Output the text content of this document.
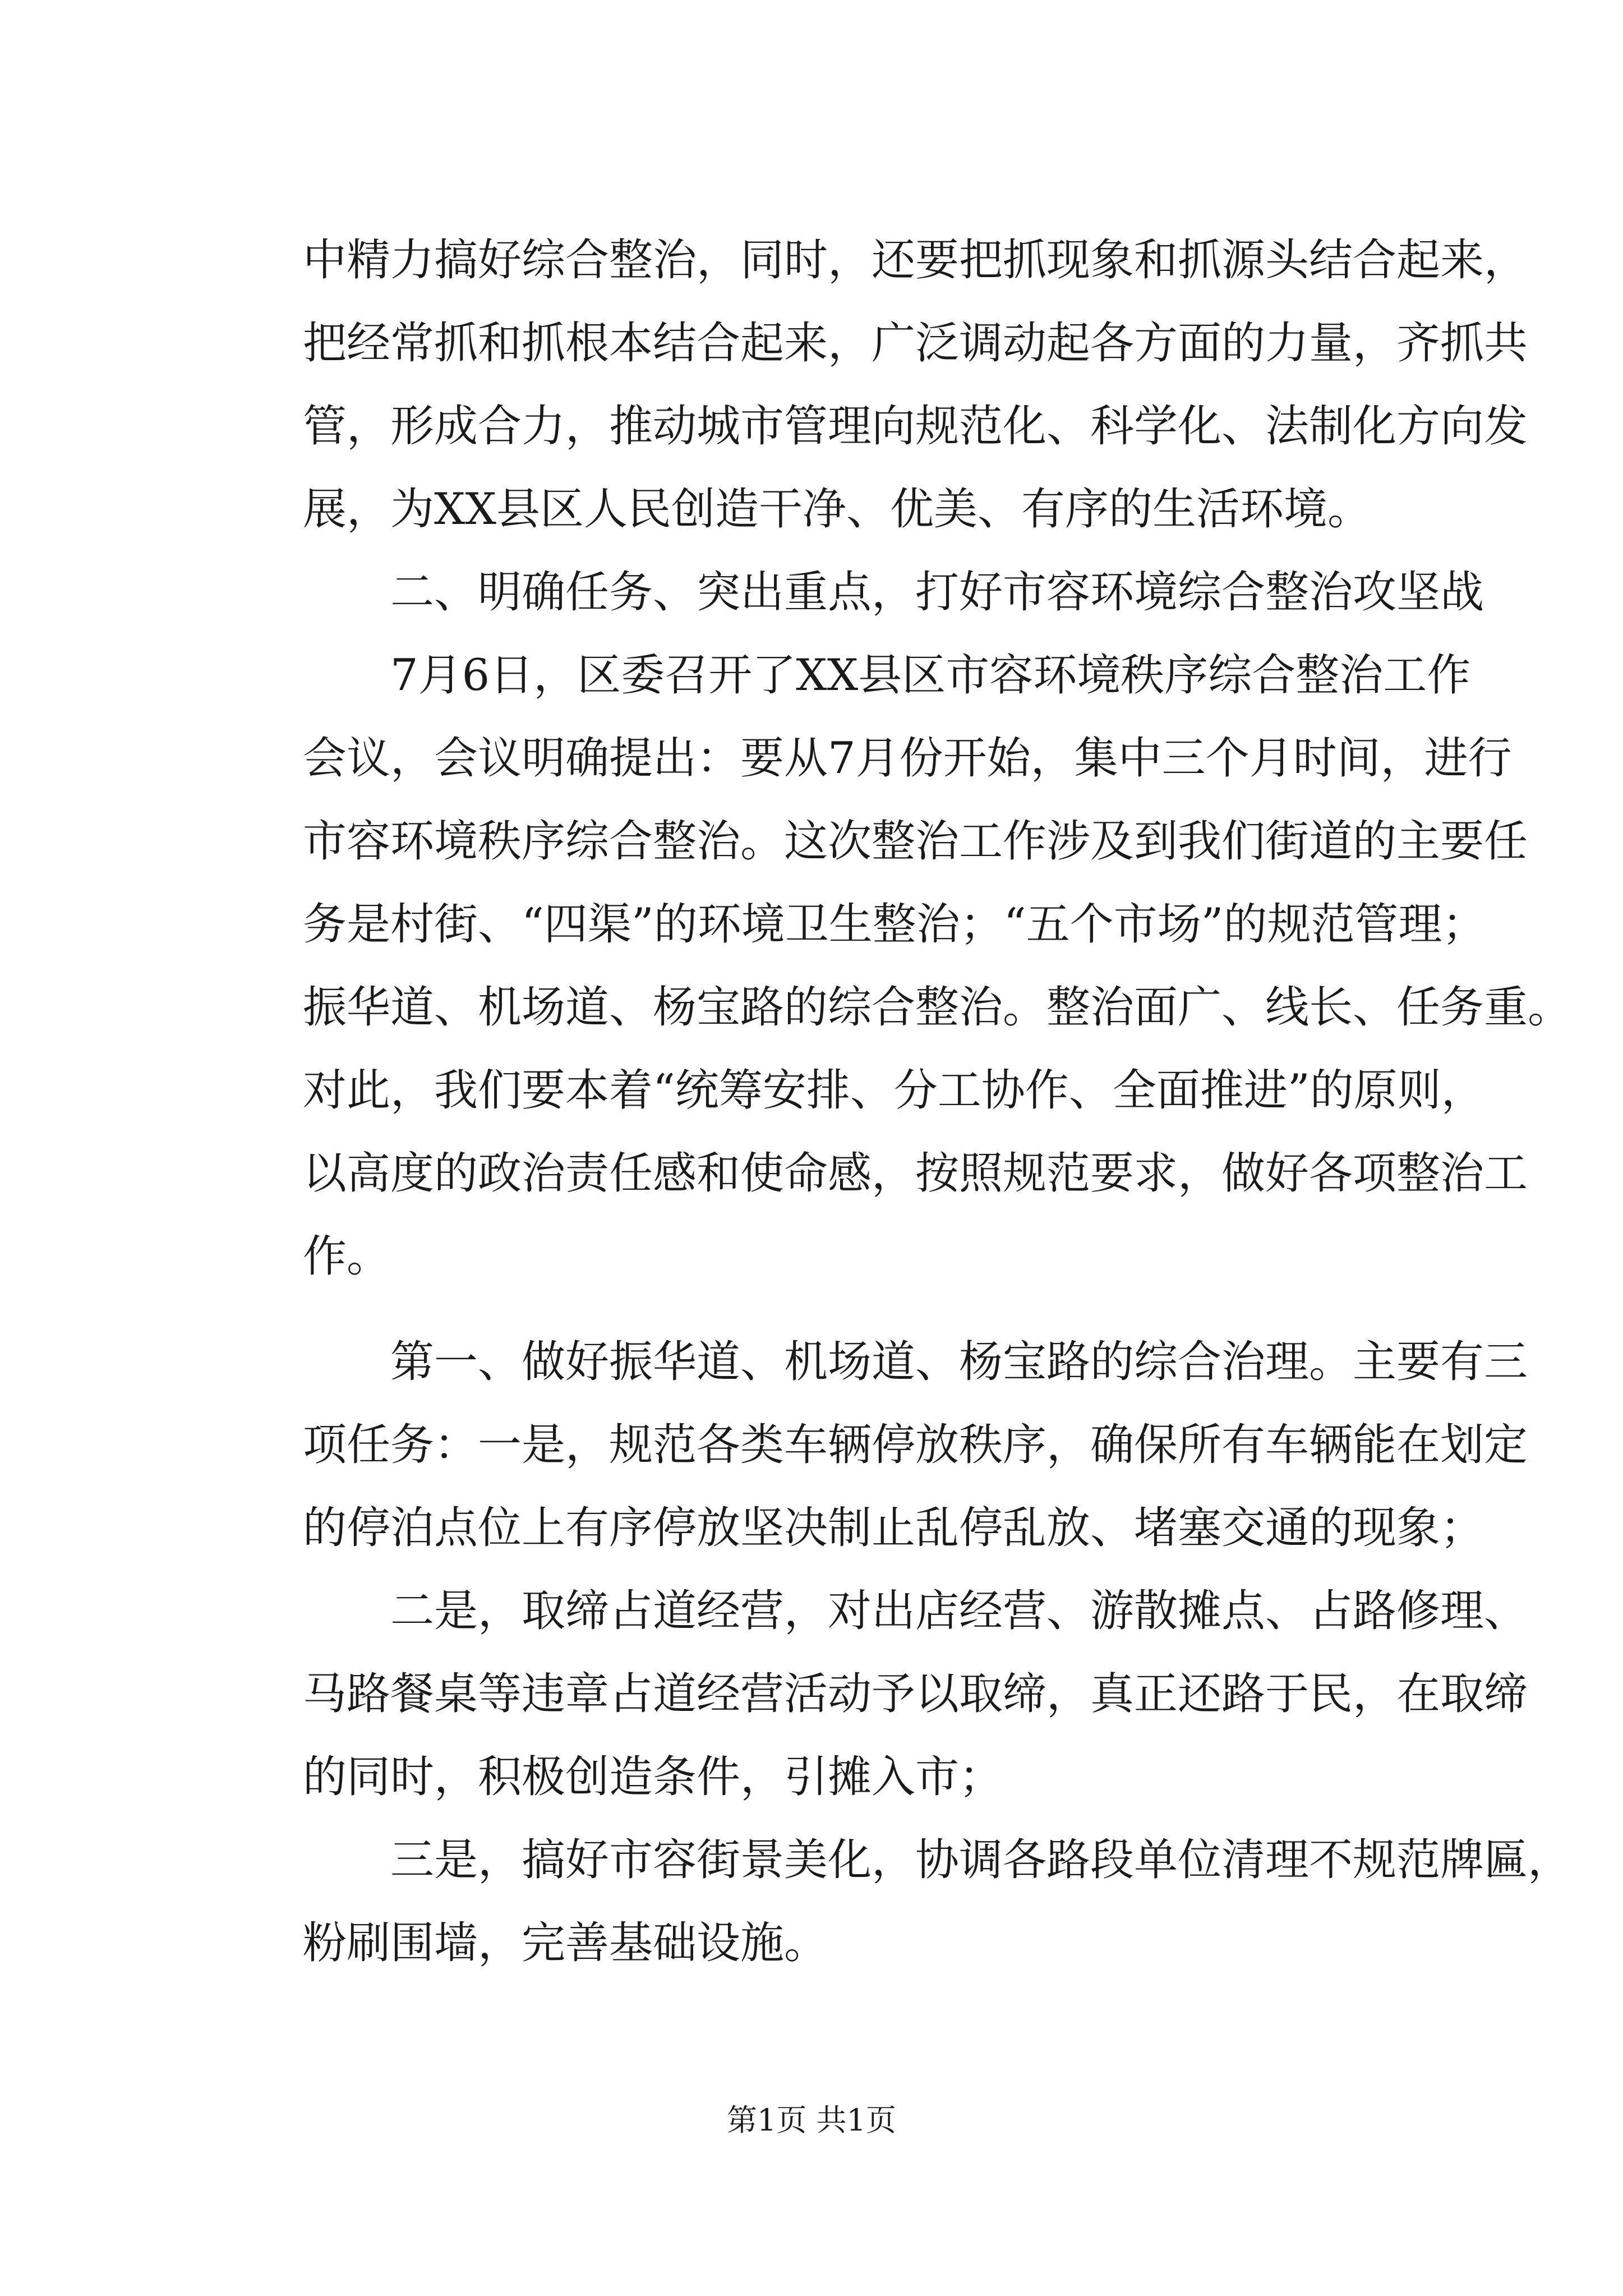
中精力搞好综合整治，同时，还要把抓现象和抓源头结合起来，
把经常抓和抓根本结合起来，广泛调动起各方面的力量，齐抓共
管，形成合力，推动城市管理向规范化、科学化、法制化方向发
展，为XX县区人民创造干净、优美、有序的生活环境。
二、明确任务、突出重点，打好市容环境综合整治攻坚战
7月6日，区委召开了XX县区市容环境秩序综合整治工作
会议，会议明确提出：要从7月份开始，集中三个月时间，进行
市容环境秩序综合整治。这次整治工作涉及到我们街道的主要任
务是村街、“四渠”的环境卫生整治；“五个市场”的规范管理；
振华道、机场道、杨宝路的综合整治。整治面广、线长、任务重。
对此，我们要本着“统筹安排、分工协作、全面推进”的原则，
以高度的政治责任感和使命感，按照规范要求，做好各项整治工
作。
第一、做好振华道、机场道、杨宝路的综合治理。主要有三
项任务：一是，规范各类车辆停放秩序，确保所有车辆能在划定
的停泊点位上有序停放坚决制止乱停乱放、堵塞交通的现象；
二是，取缔占道经营，对出店经营、游散摊点、占路修理、
马路餐桌等违章占道经营活动予以取缔，真正还路于民，在取缔
的同时，积极创造条件，引摊入市；
三是，搞好市容街景美化，协调各路段单位清理不规范牌匾，
粉刷围墙，完善基础设施。
第1页 共1页
